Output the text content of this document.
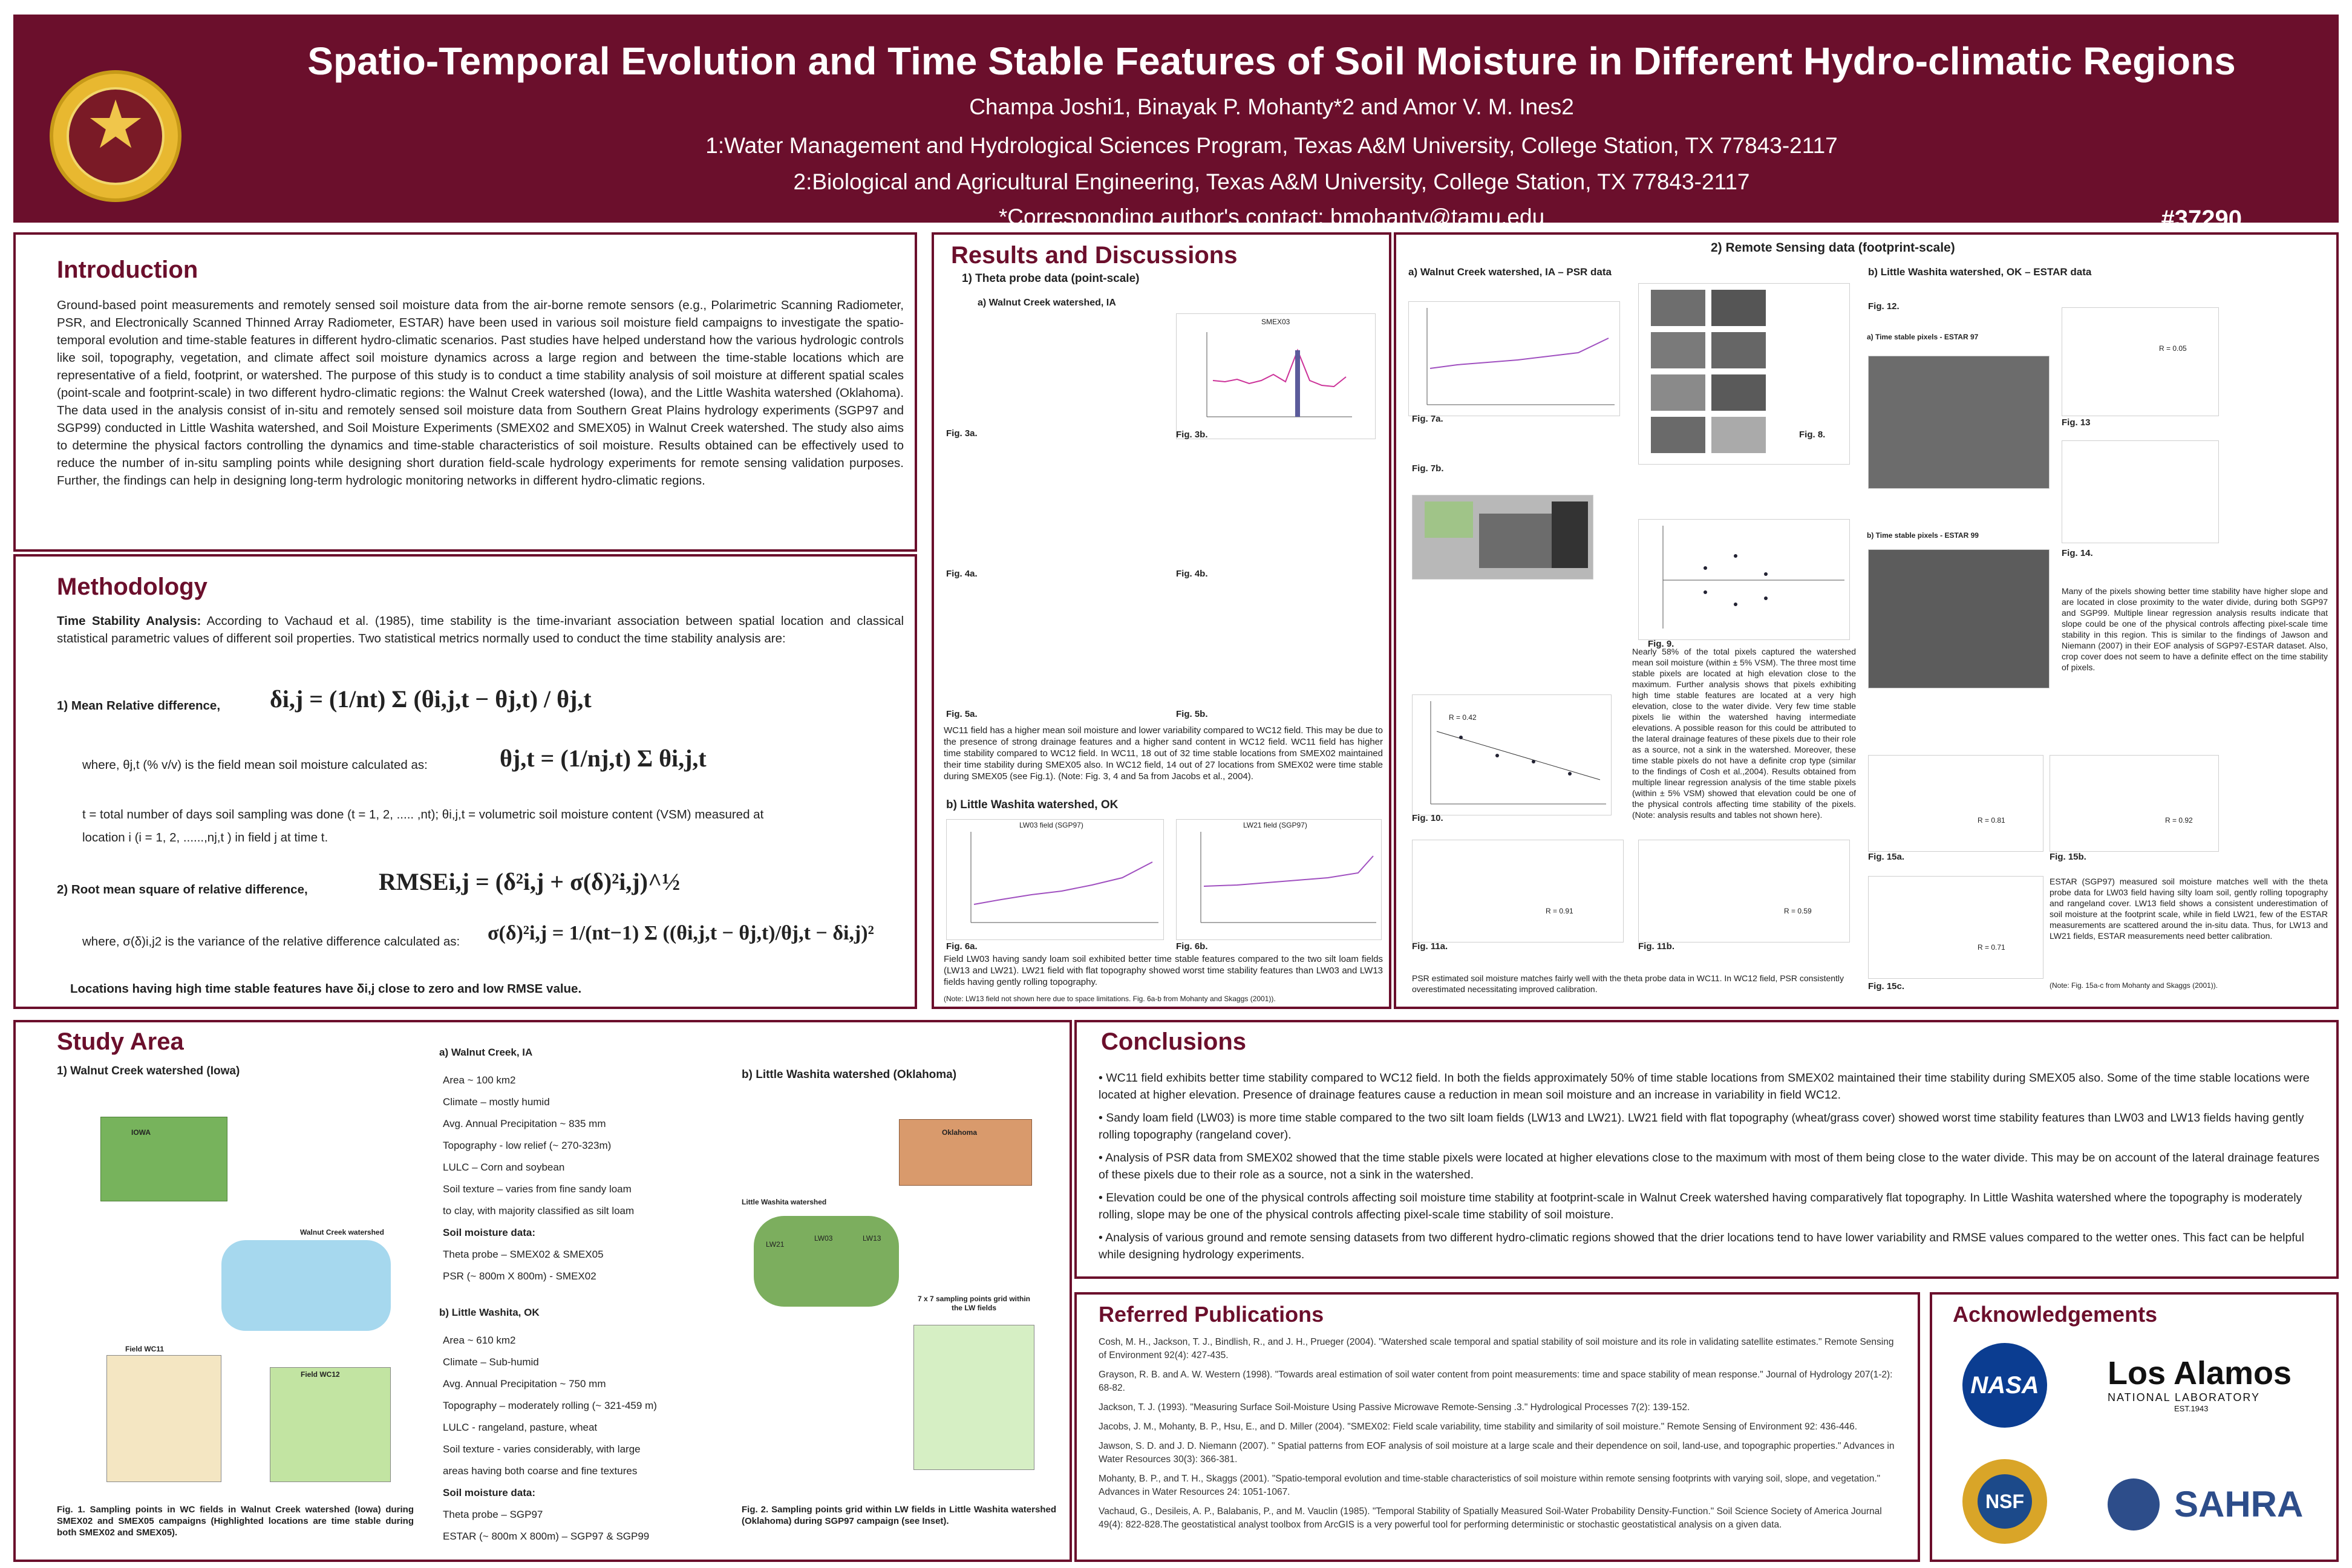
★
Spatio-Temporal Evolution and Time Stable Features of Soil Moisture in Different Hydro-climatic Regions
Champa Joshi1, Binayak P. Mohanty*2 and Amor V. M. Ines2
1:Water Management and Hydrological Sciences Program, Texas A&M University, College Station, TX 77843-2117
2:Biological and Agricultural Engineering, Texas A&M University, College Station, TX 77843-2117
*Corresponding author's contact: bmohanty@tamu.edu	#37290
Introduction
Ground-based point measurements and remotely sensed soil moisture data from the air-borne remote sensors (e.g., Polarimetric Scanning Radiometer, PSR, and Electronically Scanned Thinned Array Radiometer, ESTAR) have been used in various soil moisture field campaigns to investigate the spatio-temporal evolution and time-stable features in different hydro-climatic scenarios. Past studies have helped understand how the various hydrologic controls like soil, topography, vegetation, and climate affect soil moisture dynamics across a large region and between the time-stable locations which are representative of a field, footprint, or watershed. The purpose of this study is to conduct a time stability analysis of soil moisture at different spatial scales (point-scale and footprint-scale) in two different hydro-climatic regions: the Walnut Creek watershed (Iowa), and the Little Washita watershed (Oklahoma). The data used in the analysis consist of in-situ and remotely sensed soil moisture data from Southern Great Plains hydrology experiments (SGP97 and SGP99) conducted in Little Washita watershed, and Soil Moisture Experiments (SMEX02 and SMEX05) in Walnut Creek watershed. The study also aims to determine the physical factors controlling the dynamics and time-stable characteristics of soil moisture. Results obtained can be effectively used to reduce the number of in-situ sampling points while designing short duration field-scale hydrology experiments for remote sensing validation purposes. Further, the findings can help in designing long-term hydrologic monitoring networks in different hydro-climatic regions.
Methodology
Time Stability Analysis: According to Vachaud et al. (1985), time stability is the time-invariant association between spatial location and classical statistical parametric values of different soil properties. Two statistical metrics normally used to conduct the time stability analysis are:
1) Mean Relative difference, δi,j = (1/nt) Σ (θi,j,t − θj,t) / θj,t
where, θj,t (% v/v) is the field mean soil moisture calculated as:	θj,t = (1/nj,t) Σ θi,j,t
t = total number of days soil sampling was done (t = 1, 2, ..... ,nt); θi,j,t = volumetric soil moisture content (VSM) measured at
location i (i = 1, 2, ......,nj,t ) in field j at time t.
2) Root mean square of relative difference,	RMSEi,j = (δ²i,j + σ(δ)²i,j)^½
where, σ(δ)i,j2 is the variance of the relative difference calculated as: σ(δ)²i,j = 1/(nt−1) Σ ((θi,j,t − θj,t)/θj,t − δi,j)²
Locations having high time stable features have δi,j close to zero and low RMSE value.
Results and Discussions
1) Theta probe data (point-scale)
a) Walnut Creek watershed, IA
SMEX03
Fig. 3a.	Fig. 3b.
Fig. 4a.	Fig. 4b.
Fig. 5a.	Fig. 5b.
WC11 field has a higher mean soil moisture and lower variability compared to WC12 field. This may be due to the presence of strong drainage features and a higher sand content in WC12 field. WC11 field has higher time stability compared to WC12 field. In WC11, 18 out of 32 time stable locations from SMEX02 maintained their time stability during SMEX05 also. In WC12 field, 14 out of 27 locations from SMEX02 were time stable during SMEX05 (see Fig.1). (Note: Fig. 3, 4 and 5a from Jacobs et al., 2004).
b) Little Washita watershed, OK
LW03 field (SGP97)	LW21 field (SGP97)
Fig. 6a.	Fig. 6b.
Field LW03 having sandy loam soil exhibited better time stable features compared to the two silt loam fields (LW13 and LW21). LW21 field with flat topography showed worst time stability features than LW03 and LW13 fields having gently rolling topography.
(Note: LW13 field not shown here due to space limitations. Fig. 6a-b from Mohanty and Skaggs (2001)).
2) Remote Sensing data (footprint-scale)
a) Walnut Creek watershed, IA – PSR data	b) Little Washita watershed, OK – ESTAR data
Fig. 7a.
Fig. 8.
Fig. 7b.
Fig. 9.
R = 0.42
Fig. 10.
Nearly 58% of the total pixels captured the watershed mean soil moisture (within ± 5% VSM). The three most time stable pixels are located at high elevation close to the maximum. Further analysis shows that pixels exhibiting high time stable features are located at a very high elevation, close to the water divide. Very few time stable pixels lie within the watershed having intermediate elevations. A possible reason for this could be attributed to the lateral drainage features of these pixels due to their role as a source, not a sink in the watershed. Moreover, these time stable pixels do not have a definite crop type (similar to the findings of Cosh et al.,2004). Results obtained from multiple linear regression analysis of the time stable pixels (within ± 5% VSM) showed that elevation could be one of the physical controls affecting time stability of the pixels. (Note: analysis results and tables not shown here).
R = 0.91
Fig. 11a.
R = 0.59
Fig. 11b.
PSR estimated soil moisture matches fairly well with the theta probe data in WC11. In WC12 field, PSR consistently overestimated necessitating improved calibration.
Fig. 12.
a) Time stable pixels - ESTAR 97
R = 0.05
Fig. 13
Fig. 14.
b) Time stable pixels - ESTAR 99
Many of the pixels showing better time stability have higher slope and are located in close proximity to the water divide, during both SGP97 and SGP99. Multiple linear regression analysis results indicate that slope could be one of the physical controls affecting pixel-scale time stability in this region. This is similar to the findings of Jawson and Niemann (2007) in their EOF analysis of SGP97-ESTAR dataset. Also, crop cover does not seem to have a definite effect on the time stability of pixels.
R = 0.81
Fig. 15a.
R = 0.92
Fig. 15b.
R = 0.71
Fig. 15c.
ESTAR (SGP97) measured soil moisture matches well with the theta probe data for LW03 field having silty loam soil, gently rolling topography and rangeland cover. LW13 field shows a consistent underestimation of soil moisture at the footprint scale, while in field LW21, few of the ESTAR measurements are scattered around the in-situ data. Thus, for LW13 and LW21 fields, ESTAR measurements need better calibration.
(Note: Fig. 15a-c from Mohanty and Skaggs (2001)).
Study Area
1) Walnut Creek watershed (Iowa)
IOWA
Walnut Creek watershed
Field WC11
Field WC12
Fig. 1. Sampling points in WC fields in Walnut Creek watershed (Iowa) during SMEX02 and SMEX05 campaigns (Highlighted locations are time stable during both SMEX02 and SMEX05).
a) Walnut Creek, IA
Area ~ 100 km2
Climate – mostly humid
Avg. Annual Precipitation ~ 835 mm
Topography - low relief (~ 270-323m)
LULC – Corn and soybean
Soil texture – varies from fine sandy loam
to clay, with majority classified as silt loam
Soil moisture data:
Theta probe – SMEX02 & SMEX05
PSR (~ 800m X 800m) - SMEX02
b) Little Washita, OK
Area ~ 610 km2
Climate – Sub-humid
Avg. Annual Precipitation ~ 750 mm
Topography – moderately rolling (~ 321-459 m)
LULC - rangeland, pasture, wheat
Soil texture - varies considerably, with large
areas having both coarse and fine textures
Soil moisture data:
Theta probe – SGP97
ESTAR (~ 800m X 800m) – SGP97 & SGP99
b) Little Washita watershed (Oklahoma)
Oklahoma
Little Washita watershed
LW21
LW03	LW13
7 x 7 sampling points grid within the LW fields
Fig. 2. Sampling points grid within LW fields in Little Washita watershed (Oklahoma) during SGP97 campaign (see Inset).
Conclusions
• WC11 field exhibits better time stability compared to WC12 field. In both the fields approximately 50% of time stable locations from SMEX02 maintained their time stability during SMEX05 also. Some of the time stable locations were located at higher elevation. Presence of drainage features cause a reduction in mean soil moisture and an increase in variability in field WC12.
• Sandy loam field (LW03) is more time stable compared to the two silt loam fields (LW13 and LW21). LW21 field with flat topography (wheat/grass cover) showed worst time stability features than LW03 and LW13 fields having gently rolling topography (rangeland cover).
• Analysis of PSR data from SMEX02 showed that the time stable pixels were located at higher elevations close to the maximum with most of them being close to the water divide. This may be on account of the lateral drainage features of these pixels due to their role as a source, not a sink in the watershed.
• Elevation could be one of the physical controls affecting soil moisture time stability at footprint-scale in Walnut Creek watershed having comparatively flat topography. In Little Washita watershed where the topography is moderately rolling, slope may be one of the physical controls affecting pixel-scale time stability of soil moisture.
• Analysis of various ground and remote sensing datasets from two different hydro-climatic regions showed that the drier locations tend to have lower variability and RMSE values compared to the wetter ones. This fact can be helpful while designing hydrology experiments.
Referred Publications
Cosh, M. H., Jackson, T. J., Bindlish, R., and J. H., Prueger (2004). "Watershed scale temporal and spatial stability of soil moisture and its role in validating satellite estimates." Remote Sensing of Environment 92(4): 427-435.
Grayson, R. B. and A. W. Western (1998). "Towards areal estimation of soil water content from point measurements: time and space stability of mean response." Journal of Hydrology 207(1-2): 68-82.
Jackson, T. J. (1993). "Measuring Surface Soil-Moisture Using Passive Microwave Remote-Sensing .3." Hydrological Processes 7(2): 139-152.
Jacobs, J. M., Mohanty, B. P., Hsu, E., and D. Miller (2004). "SMEX02: Field scale variability, time stability and similarity of soil moisture." Remote Sensing of Environment 92: 436-446.
Jawson, S. D. and J. D. Niemann (2007). " Spatial patterns from EOF analysis of soil moisture at a large scale and their dependence on soil, land-use, and topographic properties." Advances in Water Resources 30(3): 366-381.
Mohanty, B. P., and T. H., Skaggs (2001). "Spatio-temporal evolution and time-stable characteristics of soil moisture within remote sensing footprints with varying soil, slope, and vegetation." Advances in Water Resources 24: 1051-1067.
Vachaud, G., Desileis, A. P., Balabanis, P., and M. Vauclin (1985). "Temporal Stability of Spatially Measured Soil-Water Probability Density-Function." Soil Science Society of America Journal 49(4): 822-828.The geostatistical analyst toolbox from ArcGIS is a very powerful tool for performing deterministic or stochastic geostatistical analysis on a given data.
Acknowledgements
NASA	Los Alamos
NATIONAL LABORATORY
EST.1943
NSF	SAHRA
